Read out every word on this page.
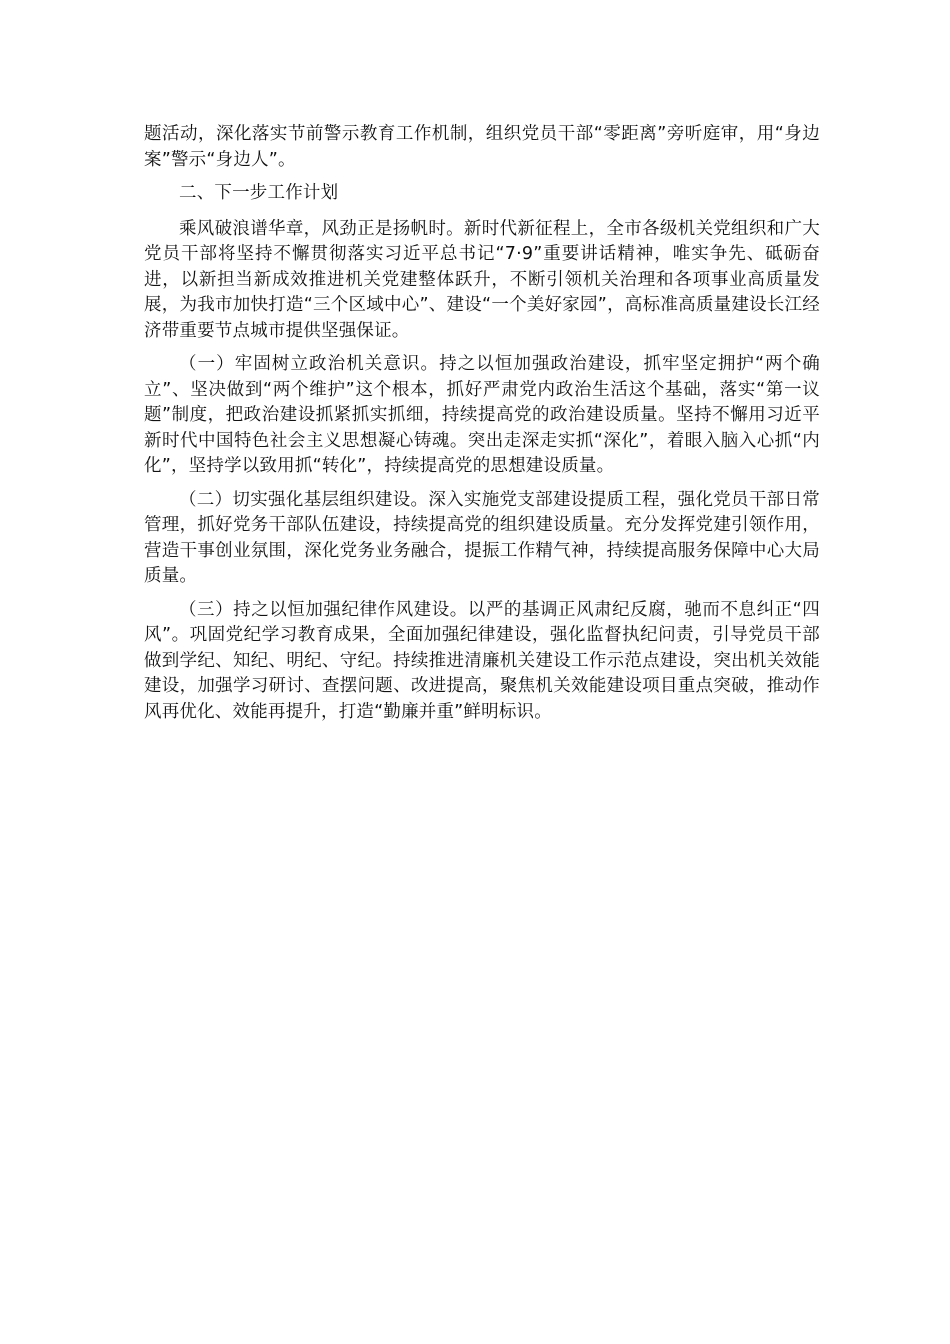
题活动，深化落实节前警示教育工作机制，组织党员干部“零距离”旁听庭审，用“身边案”警示“身边人”。

二、下一步工作计划

乘风破浪谱华章，风劲正是扬帆时。新时代新征程上，全市各级机关党组织和广大党员干部将坚持不懈贯彻落实习近平总书记“7·9”重要讲话精神，唯实争先、砥砺奋进，以新担当新成效推进机关党建整体跃升，不断引领机关治理和各项事业高质量发展，为我市加快打造“三个区域中心”、建设“一个美好家园”，高标准高质量建设长江经济带重要节点城市提供坚强保证。

（一）牢固树立政治机关意识。持之以恒加强政治建设，抓牢坚定拥护“两个确立”、坚决做到“两个维护”这个根本，抓好严肃党内政治生活这个基础，落实“第一议题”制度，把政治建设抓紧抓实抓细，持续提高党的政治建设质量。坚持不懈用习近平新时代中国特色社会主义思想凝心铸魂。突出走深走实抓“深化”，着眼入脑入心抓“内化”，坚持学以致用抓“转化”，持续提高党的思想建设质量。

（二）切实强化基层组织建设。深入实施党支部建设提质工程，强化党员干部日常管理，抓好党务干部队伍建设，持续提高党的组织建设质量。充分发挥党建引领作用，营造干事创业氛围，深化党务业务融合，提振工作精气神，持续提高服务保障中心大局质量。

（三）持之以恒加强纪律作风建设。以严的基调正风肃纪反腐，驰而不息纠正“四风”。巩固党纪学习教育成果，全面加强纪律建设，强化监督执纪问责，引导党员干部做到学纪、知纪、明纪、守纪。持续推进清廉机关建设工作示范点建设，突出机关效能建设，加强学习研讨、查摆问题、改进提高，聚焦机关效能建设项目重点突破，推动作风再优化、效能再提升，打造“勤廉并重”鲜明标识。
